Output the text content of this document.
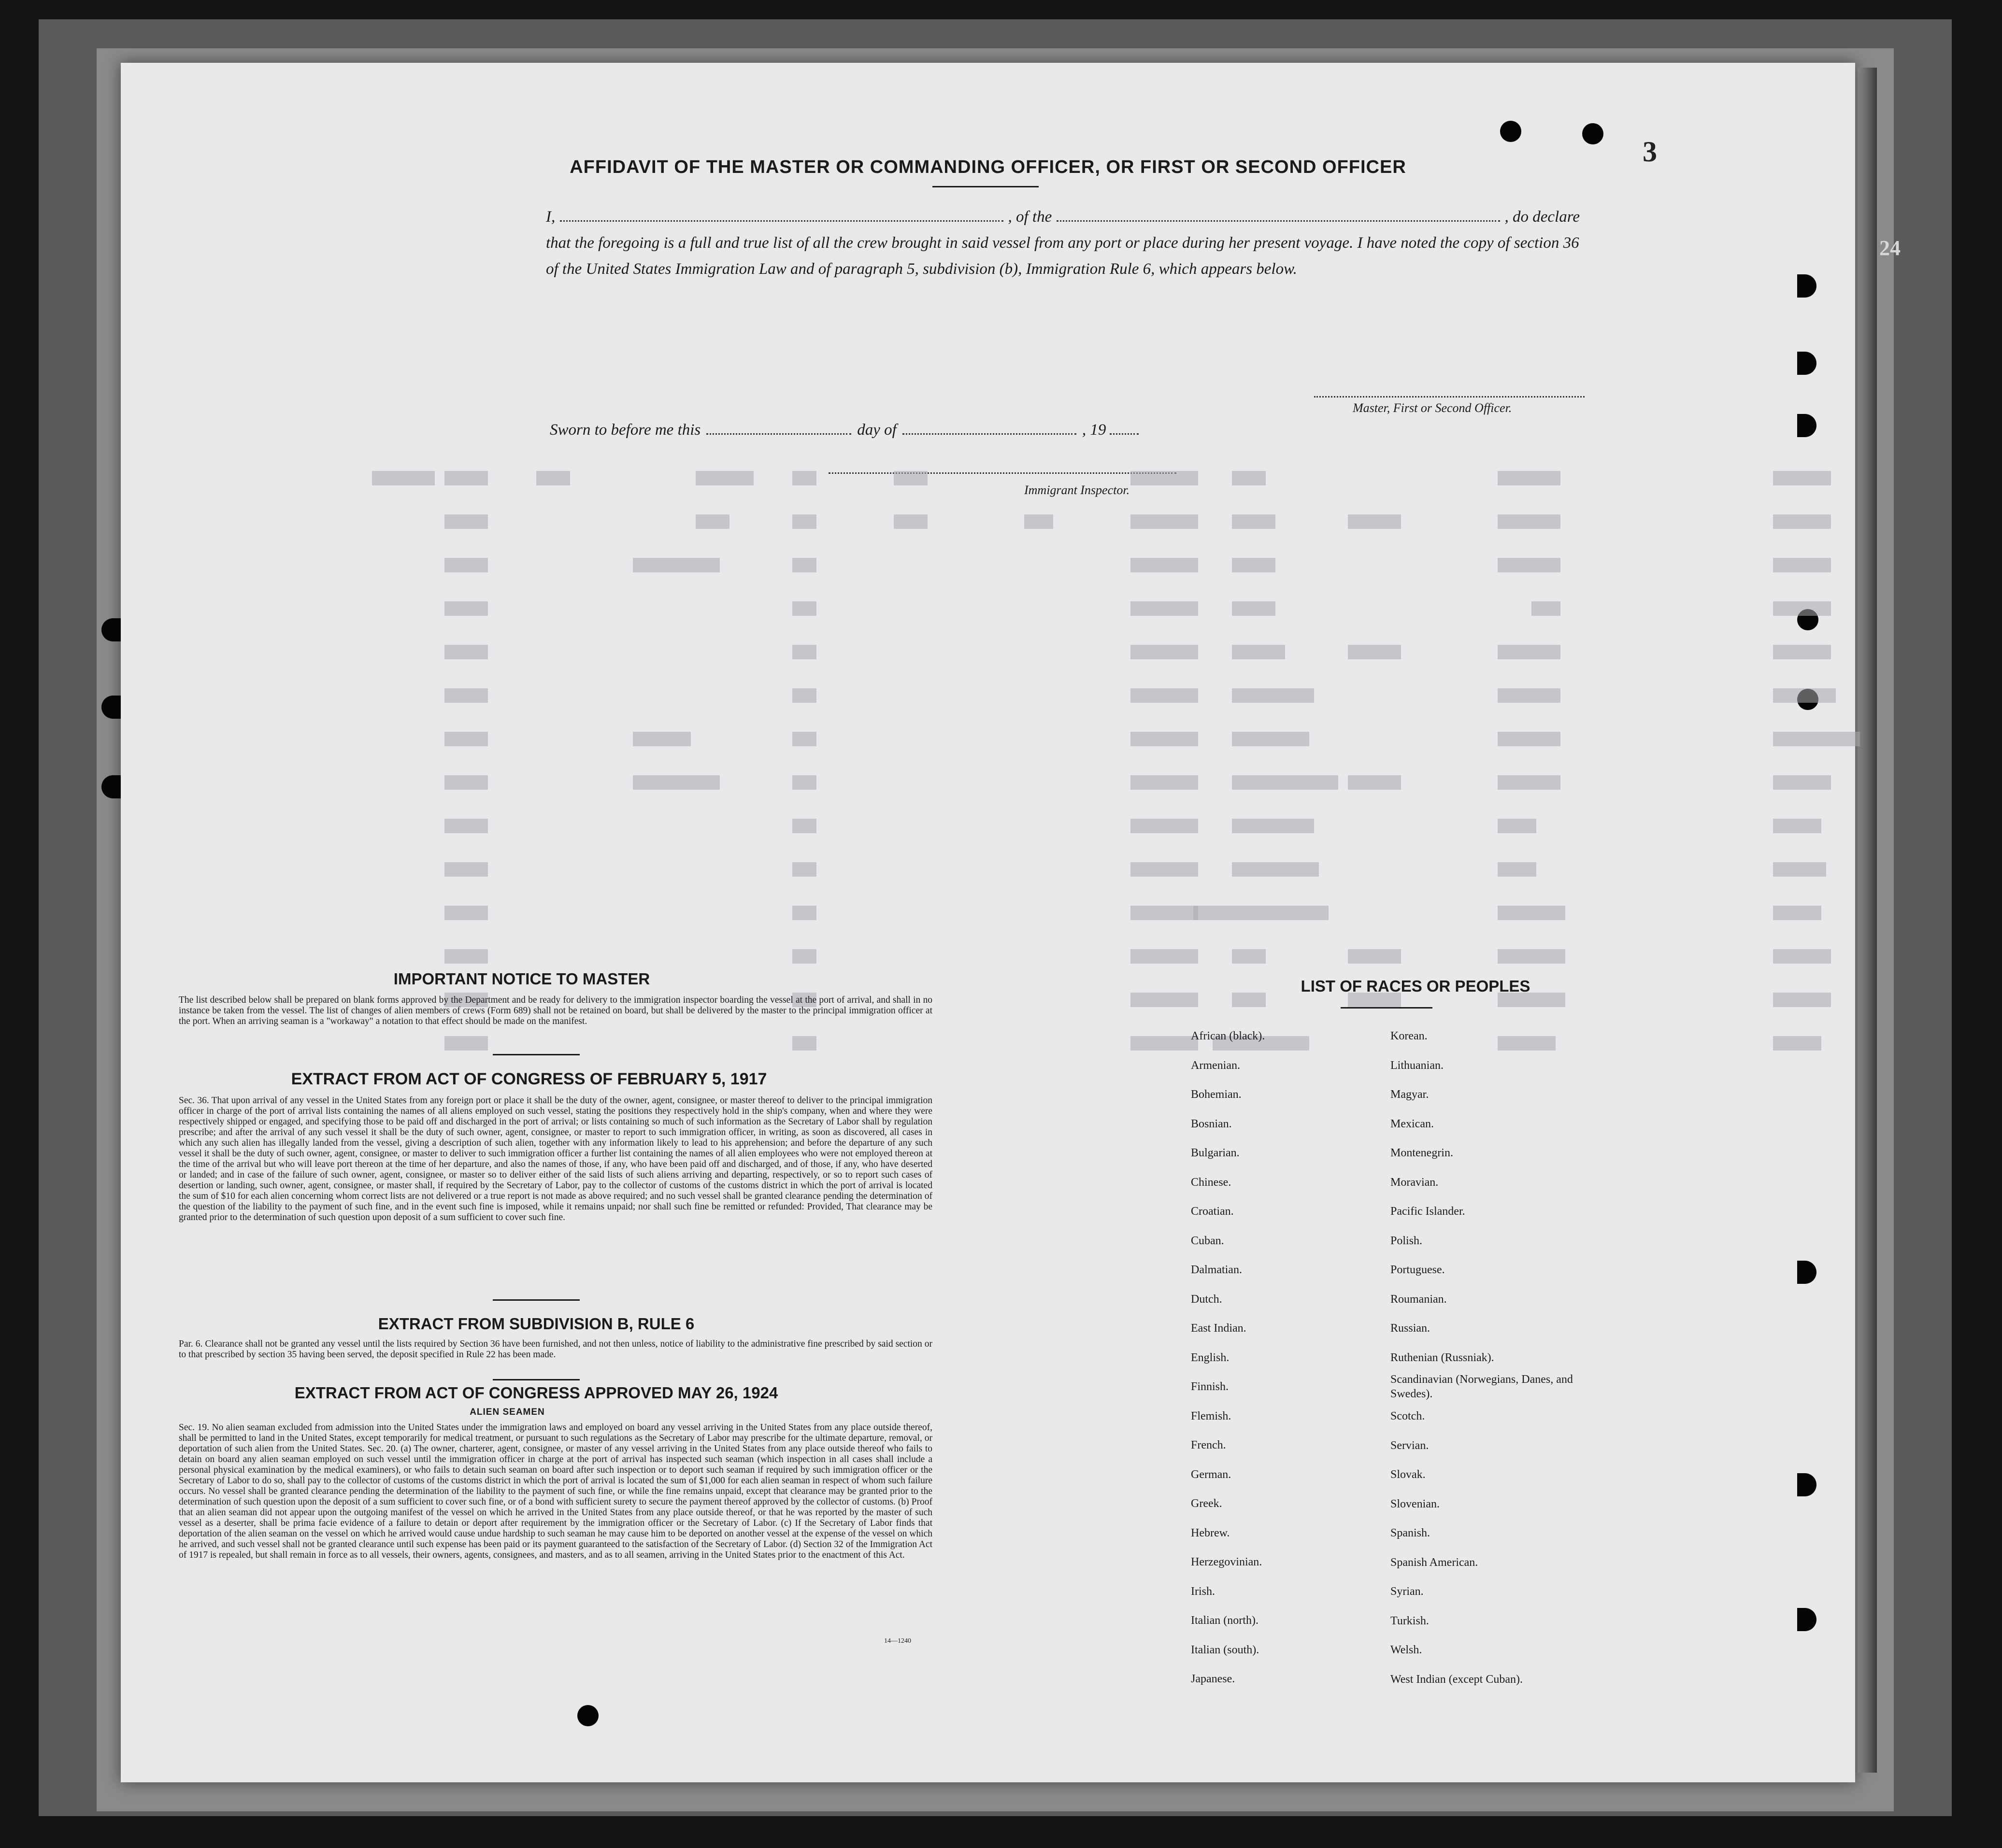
24
3
AFFIDAVIT OF THE MASTER OR COMMANDING OFFICER, OR FIRST OR SECOND OFFICER
I,	, of the	, do declare
that the foregoing is a full and true list of all the crew brought in said vessel from any port or place during her present voyage. I have noted the copy of section 36 of the United States Immigration Law and of paragraph 5, subdivision (b), Immigration Rule 6, which appears below.
Master, First or Second Officer.
Sworn to before me this	day of	, 19
Immigrant Inspector.
IMPORTANT NOTICE TO MASTER
The list described below shall be prepared on blank forms approved by the Department and be ready for delivery to the immigration inspector boarding the vessel at the port of arrival, and shall in no instance be taken from the vessel. The list of changes of alien members of crews (Form 689) shall not be retained on board, but shall be delivered by the master to the principal immigration officer at the port. When an arriving seaman is a "workaway" a notation to that effect should be made on the manifest.
EXTRACT FROM ACT OF CONGRESS OF FEBRUARY 5, 1917
Sec. 36. That upon arrival of any vessel in the United States from any foreign port or place it shall be the duty of the owner, agent, consignee, or master thereof to deliver to the principal immigration officer in charge of the port of arrival lists containing the names of all aliens employed on such vessel, stating the positions they respectively hold in the ship's company, when and where they were respectively shipped or engaged, and specifying those to be paid off and discharged in the port of arrival; or lists containing so much of such information as the Secretary of Labor shall by regulation prescribe; and after the arrival of any such vessel it shall be the duty of such owner, agent, consignee, or master to report to such immigration officer, in writing, as soon as discovered, all cases in which any such alien has illegally landed from the vessel, giving a description of such alien, together with any information likely to lead to his apprehension; and before the departure of any such vessel it shall be the duty of such owner, agent, consignee, or master to deliver to such immigration officer a further list containing the names of all alien employees who were not employed thereon at the time of the arrival but who will leave port thereon at the time of her departure, and also the names of those, if any, who have been paid off and discharged, and of those, if any, who have deserted or landed; and in case of the failure of such owner, agent, consignee, or master so to deliver either of the said lists of such aliens arriving and departing, respectively, or so to report such cases of desertion or landing, such owner, agent, consignee, or master shall, if required by the Secretary of Labor, pay to the collector of customs of the customs district in which the port of arrival is located the sum of $10 for each alien concerning whom correct lists are not delivered or a true report is not made as above required; and no such vessel shall be granted clearance pending the determination of the question of the liability to the payment of such fine, and in the event such fine is imposed, while it remains unpaid; nor shall such fine be remitted or refunded: Provided, That clearance may be granted prior to the determination of such question upon deposit of a sum sufficient to cover such fine.
EXTRACT FROM SUBDIVISION B, RULE 6
Par. 6. Clearance shall not be granted any vessel until the lists required by Section 36 have been furnished, and not then unless, notice of liability to the administrative fine prescribed by said section or to that prescribed by section 35 having been served, the deposit specified in Rule 22 has been made.
EXTRACT FROM ACT OF CONGRESS APPROVED MAY 26, 1924
ALIEN SEAMEN
Sec. 19. No alien seaman excluded from admission into the United States under the immigration laws and employed on board any vessel arriving in the United States from any place outside thereof, shall be permitted to land in the United States, except temporarily for medical treatment, or pursuant to such regulations as the Secretary of Labor may prescribe for the ultimate departure, removal, or deportation of such alien from the United States. Sec. 20. (a) The owner, charterer, agent, consignee, or master of any vessel arriving in the United States from any place outside thereof who fails to detain on board any alien seaman employed on such vessel until the immigration officer in charge at the port of arrival has inspected such seaman (which inspection in all cases shall include a personal physical examination by the medical examiners), or who fails to detain such seaman on board after such inspection or to deport such seaman if required by such immigration officer or the Secretary of Labor to do so, shall pay to the collector of customs of the customs district in which the port of arrival is located the sum of $1,000 for each alien seaman in respect of whom such failure occurs. No vessel shall be granted clearance pending the determination of the liability to the payment of such fine, or while the fine remains unpaid, except that clearance may be granted prior to the determination of such question upon the deposit of a sum sufficient to cover such fine, or of a bond with sufficient surety to secure the payment thereof approved by the collector of customs. (b) Proof that an alien seaman did not appear upon the outgoing manifest of the vessel on which he arrived in the United States from any place outside thereof, or that he was reported by the master of such vessel as a deserter, shall be prima facie evidence of a failure to detain or deport after requirement by the immigration officer or the Secretary of Labor. (c) If the Secretary of Labor finds that deportation of the alien seaman on the vessel on which he arrived would cause undue hardship to such seaman he may cause him to be deported on another vessel at the expense of the vessel on which he arrived, and such vessel shall not be granted clearance until such expense has been paid or its payment guaranteed to the satisfaction of the Secretary of Labor. (d) Section 32 of the Immigration Act of 1917 is repealed, but shall remain in force as to all vessels, their owners, agents, consignees, and masters, and as to all seamen, arriving in the United States prior to the enactment of this Act.
14—1240
LIST OF RACES OR PEOPLES
African (black).
Armenian.
Bohemian.
Bosnian.
Bulgarian.
Chinese.
Croatian.
Cuban.
Dalmatian.
Dutch.
East Indian.
English.
Finnish.
Flemish.
French.
German.
Greek.
Hebrew.
Herzegovinian.
Irish.
Italian (north).
Italian (south).
Japanese.
Korean.
Lithuanian.
Magyar.
Mexican.
Montenegrin.
Moravian.
Pacific Islander.
Polish.
Portuguese.
Roumanian.
Russian.
Ruthenian (Russniak).
Scandinavian (Norwegians, Danes, and Swedes).
Scotch.
Servian.
Slovak.
Slovenian.
Spanish.
Spanish American.
Syrian.
Turkish.
Welsh.
West Indian (except Cuban).
